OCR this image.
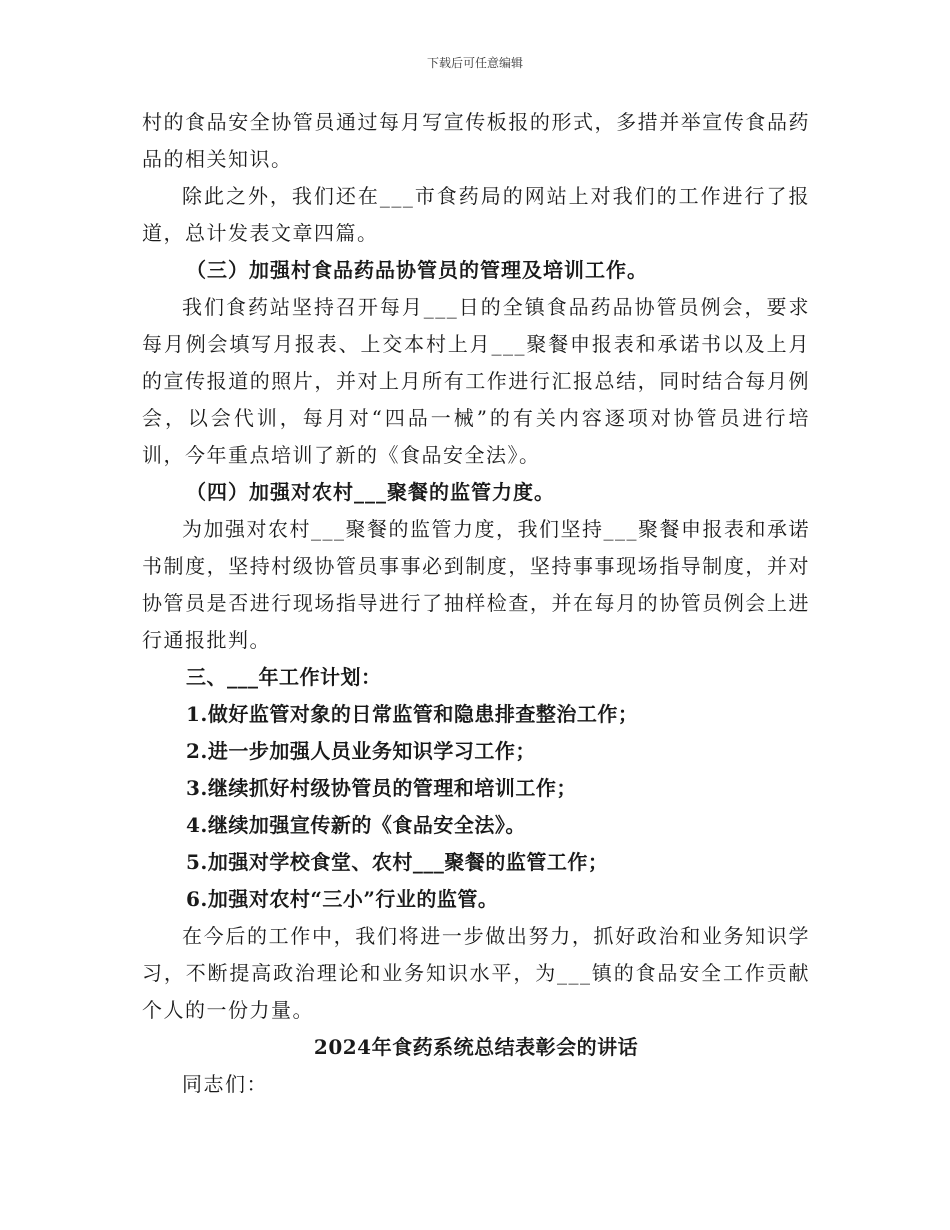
下载后可任意编辑

村的食品安全协管员通过每月写宣传板报的形式，多措并举宣传食品药品的相关知识。

除此之外，我们还在___市食药局的网站上对我们的工作进行了报道，总计发表文章四篇。

（三）加强村食品药品协管员的管理及培训工作。

我们食药站坚持召开每月___日的全镇食品药品协管员例会，要求每月例会填写月报表、上交本村上月___聚餐申报表和承诺书以及上月的宣传报道的照片，并对上月所有工作进行汇报总结，同时结合每月例会，以会代训，每月对“四品一械”的有关内容逐项对协管员进行培训，今年重点培训了新的《食品安全法》。

（四）加强对农村___聚餐的监管力度。

为加强对农村___聚餐的监管力度，我们坚持___聚餐申报表和承诺书制度，坚持村级协管员事事必到制度，坚持事事现场指导制度，并对协管员是否进行现场指导进行了抽样检查，并在每月的协管员例会上进行通报批判。

三、___年工作计划：

1.做好监管对象的日常监管和隐患排查整治工作；

2.进一步加强人员业务知识学习工作；

3.继续抓好村级协管员的管理和培训工作；

4.继续加强宣传新的《食品安全法》。

5.加强对学校食堂、农村___聚餐的监管工作；

6.加强对农村“三小”行业的监管。

在今后的工作中，我们将进一步做出努力，抓好政治和业务知识学习，不断提高政治理论和业务知识水平，为___镇的食品安全工作贡献个人的一份力量。

2024年食药系统总结表彰会的讲话

同志们：
